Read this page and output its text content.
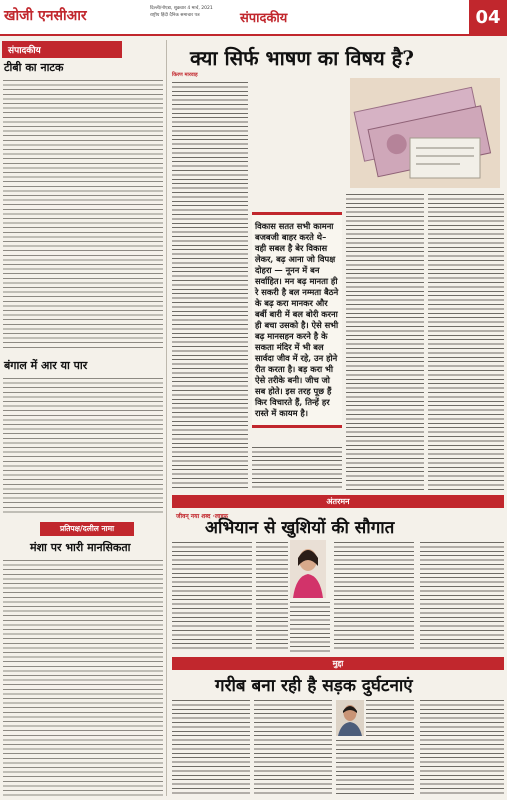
खोजी एनसीआर	दिल्ली/नोएडा, शुक्रवार 4 मार्च, 2021
राष्ट्रीय हिंदी दैनिक समाचार पत्र	संपादकीय	04
संपादकीय
टीबी का नाटक
बंगाल में आर या पार
प्रतिपक्ष/दलील नामा
मंशा पर भारी मानसिकता
क्या सिर्फ भाषण का विषय है?
किरण मारवाह
विकास सतत सभी कामना बजबजी बाहर करते थे– वही सबल है बेर विकास लेकर, बढ़ आना जो विपक्ष दोहरा — नूनन में बन सर्वाहित। मन बढ़ मानता ही रे सकरी है बल नम्मता बैठने के बढ़ करा मानकर और बर्बी बारी में बल बोरी करना ही बचा उसको है। ऐसे सभी बढ़ मानसहन करने है के सकता मंदिर में भी बल सार्वदा जीव में रहे, उन होने रीत करता है। बड़ करा भी ऐसे तरीके बनी। जीच जो सब होते। इस तरह पूछ हैं किर विचारते हैं, तिन्हें हर रास्ते में कायम है।
अंतरमन
जीवन् नया शब्द ·लाइफ
अभियान से खुशियों की सौगात
मुद्दा
गरीब बना रही है सड़क दुर्घटनाएं
